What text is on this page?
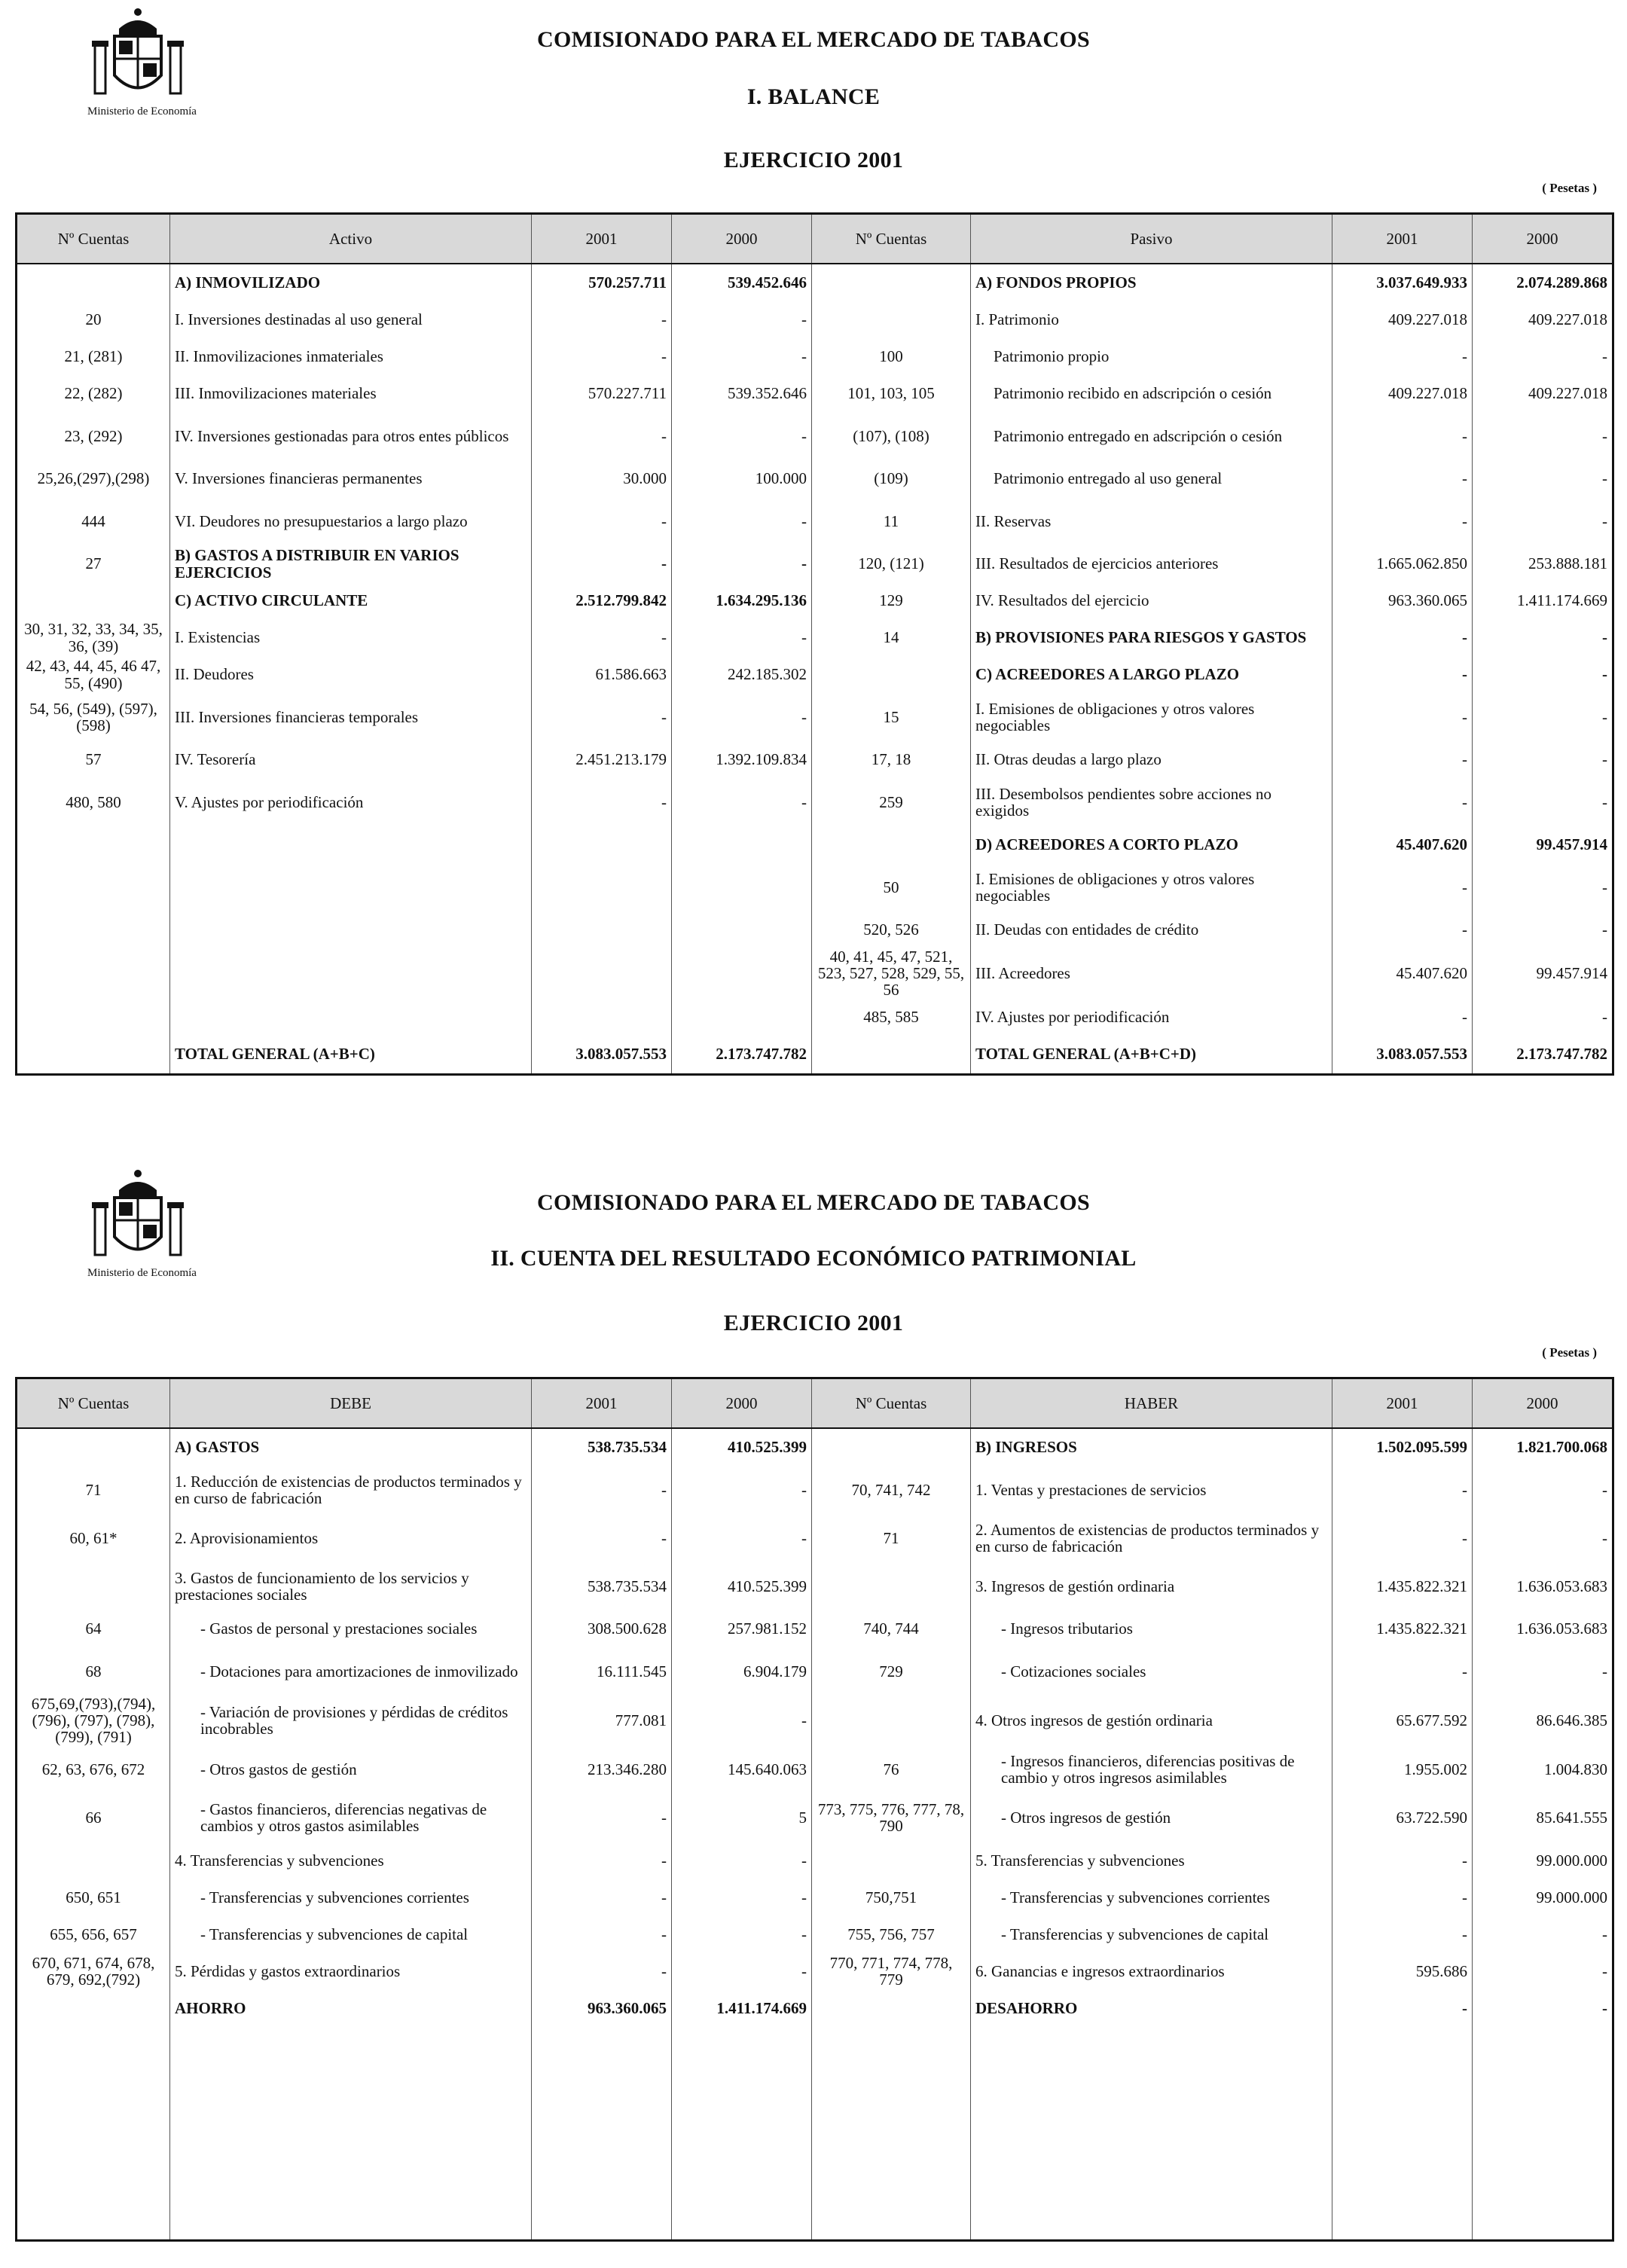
Ministerio de Economía
COMISIONADO PARA EL MERCADO DE TABACOS
I. BALANCE
EJERCICIO 2001
( Pesetas )
Nº Cuentas	Activo	2001	2000	Nº Cuentas	Pasivo	2001	2000
	A) INMOVILIZADO	570.257.711	539.452.646		A) FONDOS PROPIOS	3.037.649.933	2.074.289.868
20	I. Inversiones destinadas al uso general	-	-		I. Patrimonio	409.227.018	409.227.018
21, (281)	II. Inmovilizaciones inmateriales	-	-	100	Patrimonio propio	-	-
22, (282)	III. Inmovilizaciones materiales	570.227.711	539.352.646	101, 103, 105	Patrimonio recibido en adscripción o cesión	409.227.018	409.227.018
23, (292)	IV. Inversiones gestionadas para otros entes públicos	-	-	(107), (108)	Patrimonio entregado en adscripción o cesión	-	-
25,26,(297),(298)	V. Inversiones financieras permanentes	30.000	100.000	(109)	Patrimonio entregado al uso general	-	-
444	VI. Deudores no presupuestarios a largo plazo	-	-	11	II. Reservas	-	-
27	B) GASTOS A DISTRIBUIR EN VARIOS EJERCICIOS	-	-	120, (121)	III. Resultados de ejercicios anteriores	1.665.062.850	253.888.181
	C) ACTIVO CIRCULANTE	2.512.799.842	1.634.295.136	129	IV. Resultados del ejercicio	963.360.065	1.411.174.669
30, 31, 32, 33, 34, 35, 36, (39)	I. Existencias	-	-	14	B) PROVISIONES PARA RIESGOS Y GASTOS	-	-
42, 43, 44, 45, 46 47, 55, (490)	II. Deudores	61.586.663	242.185.302		C) ACREEDORES A LARGO PLAZO	-	-
54, 56, (549), (597), (598)	III. Inversiones financieras temporales	-	-	15	I. Emisiones de obligaciones y otros valores negociables	-	-
57	IV. Tesorería	2.451.213.179	1.392.109.834	17, 18	II. Otras deudas a largo plazo	-	-
480, 580	V. Ajustes por periodificación	-	-	259	III. Desembolsos pendientes sobre acciones no exigidos	-	-
					D) ACREEDORES A CORTO PLAZO	45.407.620	99.457.914
				50	I. Emisiones de obligaciones y otros valores negociables	-	-
				520, 526	II. Deudas con entidades de crédito	-	-
				40, 41, 45, 47, 521, 523, 527, 528, 529, 55, 56	III. Acreedores	45.407.620	99.457.914
				485, 585	IV. Ajustes por periodificación	-	-
	TOTAL GENERAL (A+B+C)	3.083.057.553	2.173.747.782		TOTAL GENERAL (A+B+C+D)	3.083.057.553	2.173.747.782

Ministerio de Economía
COMISIONADO PARA EL MERCADO DE TABACOS
II. CUENTA DEL RESULTADO ECONÓMICO PATRIMONIAL
EJERCICIO 2001
( Pesetas )
Nº Cuentas	DEBE	2001	2000	Nº Cuentas	HABER	2001	2000
	A) GASTOS	538.735.534	410.525.399		B) INGRESOS	1.502.095.599	1.821.700.068
71	1. Reducción de existencias de productos terminados y en curso de fabricación	-	-	70, 741, 742	1. Ventas y prestaciones de servicios	-	-
60, 61*	2. Aprovisionamientos	-	-	71	2. Aumentos de existencias de productos terminados y en curso de fabricación	-	-
	3. Gastos de funcionamiento de los servicios y prestaciones sociales	538.735.534	410.525.399		3. Ingresos de gestión ordinaria	1.435.822.321	1.636.053.683
64	- Gastos de personal y prestaciones sociales	308.500.628	257.981.152	740, 744	- Ingresos tributarios	1.435.822.321	1.636.053.683
68	- Dotaciones para amortizaciones de inmovilizado	16.111.545	6.904.179	729	- Cotizaciones sociales	-	-
675,69,(793),(794), (796), (797), (798), (799), (791)	- Variación de provisiones y pérdidas de créditos incobrables	777.081	-		4. Otros ingresos de gestión ordinaria	65.677.592	86.646.385
62, 63, 676, 672	- Otros gastos de gestión	213.346.280	145.640.063	76	- Ingresos financieros, diferencias positivas de cambio y otros ingresos asimilables	1.955.002	1.004.830
66	- Gastos financieros, diferencias negativas de cambios y otros gastos asimilables	-	5	773, 775, 776, 777, 78, 790	- Otros ingresos de gestión	63.722.590	85.641.555
	4. Transferencias y subvenciones	-	-		5. Transferencias y subvenciones	-	99.000.000
650, 651	- Transferencias y subvenciones corrientes	-	-	750,751	- Transferencias y subvenciones corrientes	-	99.000.000
655, 656, 657	- Transferencias y subvenciones de capital	-	-	755, 756, 757	- Transferencias y subvenciones de capital	-	-
670, 671, 674, 678, 679, 692,(792)	5. Pérdidas y gastos extraordinarios	-	-	770, 771, 774, 778, 779	6. Ganancias e ingresos extraordinarios	595.686	-
	AHORRO	963.360.065	1.411.174.669		DESAHORRO	-	-
